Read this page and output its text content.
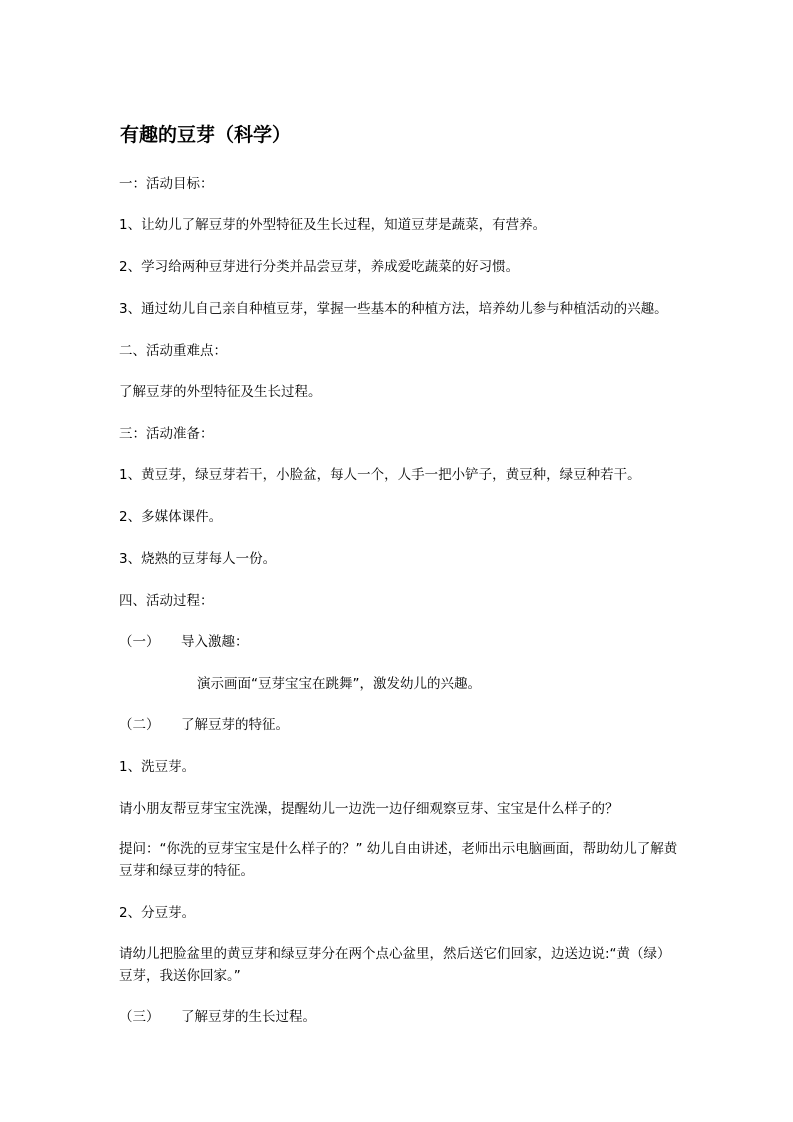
有趣的豆芽（科学）
一：活动目标：
1、让幼儿了解豆芽的外型特征及生长过程，知道豆芽是蔬菜，有营养。
2、学习给两种豆芽进行分类并品尝豆芽，养成爱吃蔬菜的好习惯。
3、通过幼儿自己亲自种植豆芽，掌握一些基本的种植方法，培养幼儿参与种植活动的兴趣。
二、活动重难点：
了解豆芽的外型特征及生长过程。
三：活动准备：
1、黄豆芽，绿豆芽若干，小脸盆，每人一个，人手一把小铲子，黄豆种，绿豆种若干。
2、多媒体课件。
3、烧熟的豆芽每人一份。
四、活动过程：
（一） 导入激趣：
演示画面“豆芽宝宝在跳舞”，激发幼儿的兴趣。
（二） 了解豆芽的特征。
1、洗豆芽。
请小朋友帮豆芽宝宝洗澡，提醒幼儿一边洗一边仔细观察豆芽、宝宝是什么样子的？
提问：“你洗的豆芽宝宝是什么样子的？” 幼儿自由讲述，老师出示电脑画面，帮助幼儿了解黄豆芽和绿豆芽的特征。
2、分豆芽。
请幼儿把脸盆里的黄豆芽和绿豆芽分在两个点心盆里，然后送它们回家，边送边说:“黄（绿）豆芽，我送你回家。”
（三） 了解豆芽的生长过程。
